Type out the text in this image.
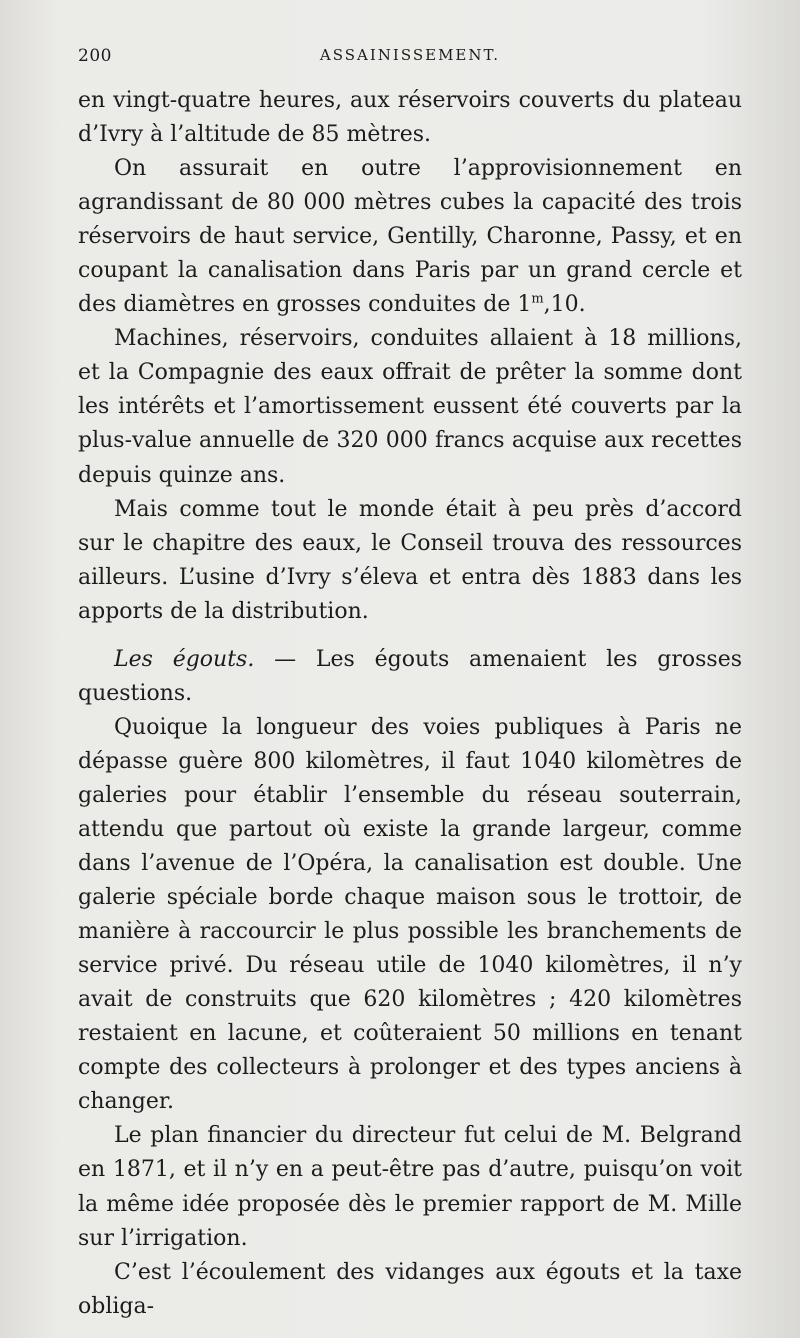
200	ASSAINISSEMENT.

en vingt-quatre heures, aux réservoirs couverts du plateau d’Ivry à l’altitude de 85 mètres.

On assurait en outre l’approvisionnement en agrandissant de 80 000 mètres cubes la capacité des trois réservoirs de haut service, Gentilly, Charonne, Passy, et en coupant la canalisation dans Paris par un grand cercle et des diamètres en grosses conduites de 1$^m$,10.

Machines, réservoirs, conduites allaient à 18 millions, et la Compagnie des eaux offrait de prêter la somme dont les intérêts et l’amortissement eussent été couverts par la plus-value annuelle de 320 000 francs acquise aux recettes depuis quinze ans.

Mais comme tout le monde était à peu près d’accord sur le chapitre des eaux, le Conseil trouva des ressources ailleurs. L’usine d’Ivry s’éleva et entra dès 1883 dans les apports de la distribution.

Les égouts. — Les égouts amenaient les grosses questions.

Quoique la longueur des voies publiques à Paris ne dépasse guère 800 kilomètres, il faut 1040 kilomètres de galeries pour établir l’ensemble du réseau souterrain, attendu que partout où existe la grande largeur, comme dans l’avenue de l’Opéra, la canalisation est double. Une galerie spéciale borde chaque maison sous le trottoir, de manière à raccourcir le plus possible les branchements de service privé. Du réseau utile de 1040 kilomètres, il n’y avait de construits que 620 kilomètres ; 420 kilomètres restaient en lacune, et coûteraient 50 millions en tenant compte des collecteurs à prolonger et des types anciens à changer.

Le plan financier du directeur fut celui de M. Belgrand en 1871, et il n’y en a peut-être pas d’autre, puisqu’on voit la même idée proposée dès le premier rapport de M. Mille sur l’irrigation.

C’est l’écoulement des vidanges aux égouts et la taxe obliga-
